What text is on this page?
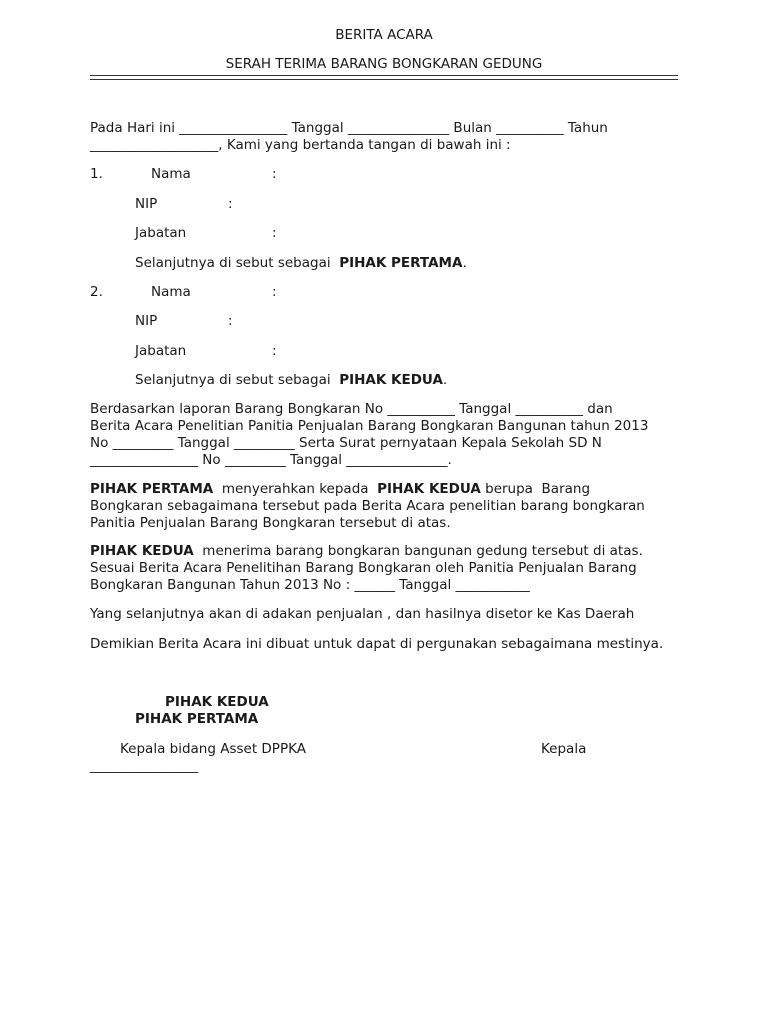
BERITA ACARA
SERAH TERIMA BARANG BONGKARAN GEDUNG
Pada Hari ini ________________ Tanggal _______________ Bulan __________ Tahun
___________________, Kami yang bertanda tangan di bawah ini :
1.	Nama	:
NIP	:
Jabatan	:
Selanjutnya di sebut sebagai PIHAK PERTAMA.
2.	Nama	:
NIP	:
Jabatan	:
Selanjutnya di sebut sebagai PIHAK KEDUA.
Berdasarkan laporan Barang Bongkaran No __________ Tanggal __________ dan
Berita Acara Penelitian Panitia Penjualan Barang Bongkaran Bangunan tahun 2013
No _________ Tanggal _________ Serta Surat pernyataan Kepala Sekolah SD N
________________ No _________ Tanggal _______________.
PIHAK PERTAMA  menyerahkan kepada  PIHAK KEDUA berupa  Barang
Bongkaran sebagaimana tersebut pada Berita Acara penelitian barang bongkaran
Panitia Penjualan Barang Bongkaran tersebut di atas.
PIHAK KEDUA  menerima barang bongkaran bangunan gedung tersebut di atas.
Sesuai Berita Acara Penelitihan Barang Bongkaran oleh Panitia Penjualan Barang
Bongkaran Bangunan Tahun 2013 No : ______ Tanggal ___________
Yang selanjutnya akan di adakan penjualan , dan hasilnya disetor ke Kas Daerah
Demikian Berita Acara ini dibuat untuk dapat di pergunakan sebagaimana mestinya.
PIHAK KEDUA
PIHAK PERTAMA
Kepala bidang Asset DPPKA	Kepala
________________
